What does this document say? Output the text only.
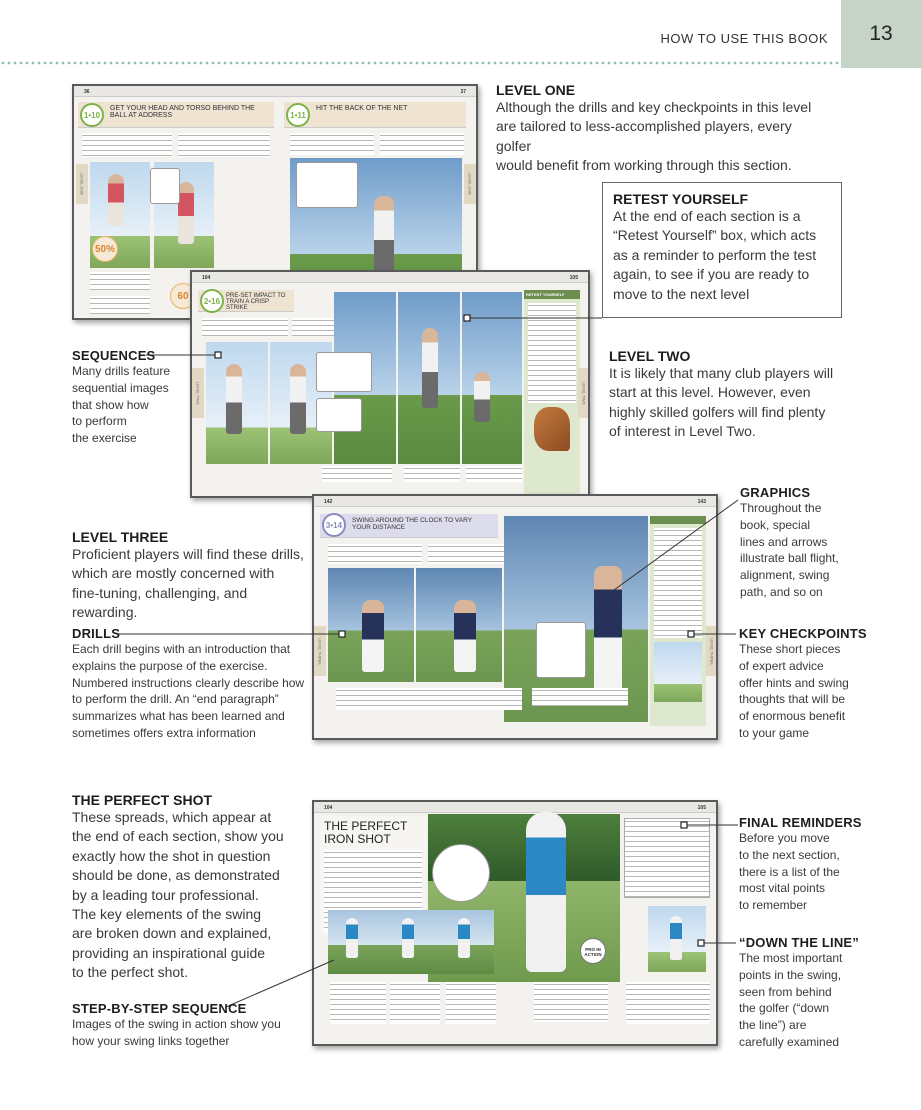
HOW TO USE THIS BOOK	13
36	37
GET YOUR HEAD AND TORSO BEHIND THE BALL AT ADDRESS
1•10
LEVEL ONE
50%
60
HIT THE BACK OF THE NET
1•11
LEVEL ONE
104	105
PRE-SET IMPACT TO TRAIN A CRISP STRIKE
2•16
LEVEL TWO
RETEST YOURSELF
LEVEL TWO
142	143
SWING AROUND THE CLOCK TO VARY YOUR DISTANCE
3•14
LEVEL THREE	LEVEL THREE
104	105
THE PERFECT
IRON SHOT
PRO IN ACTION
LEVEL ONE
Although the drills and key checkpoints in this level
are tailored to less-accomplished players, every golfer
would benefit from working through this section.
RETEST YOURSELF
At the end of each section is a
“Retest Yourself” box, which acts
as a reminder to perform the test
again, to see if you are ready to
move to the next level
SEQUENCES
Many drills feature
sequential images
that show how
to perform
the exercise
LEVEL TWO
It is likely that many club players will
start at this level. However, even
highly skilled golfers will find plenty
of interest in Level Two.
GRAPHICS
Throughout the
book, special
lines and arrows
illustrate ball flight,
alignment, swing
path, and so on
LEVEL THREE
Proficient players will find these drills,
which are mostly concerned with
fine-tuning, challenging, and rewarding.
DRILLS
Each drill begins with an introduction that
explains the purpose of the exercise.
Numbered instructions clearly describe how
to perform the drill. An “end paragraph”
summarizes what has been learned and
sometimes offers extra information
KEY CHECKPOINTS
These short pieces
of expert advice
offer hints and swing
thoughts that will be
of enormous benefit
to your game
THE PERFECT SHOT
These spreads, which appear at
the end of each section, show you
exactly how the shot in question
should be done, as demonstrated
by a leading tour professional.
The key elements of the swing
are broken down and explained,
providing an inspirational guide
to the perfect shot.
STEP-BY-STEP SEQUENCE
Images of the swing in action show you
how your swing links together
FINAL REMINDERS
Before you move
to the next section,
there is a list of the
most vital points
to remember
“DOWN THE LINE”
The most important
points in the swing,
seen from behind
the golfer (“down
the line”) are
carefully examined
